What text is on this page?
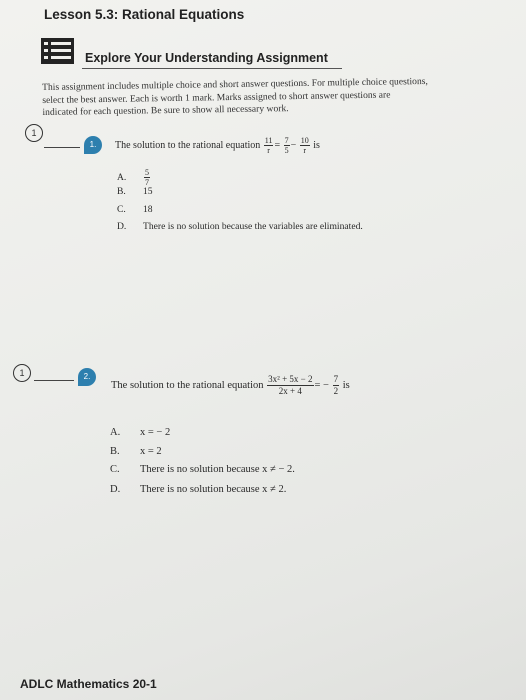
Lesson 5.3: Rational Equations
Explore Your Understanding Assignment
This assignment includes multiple choice and short answer questions. For multiple choice questions,
select the best answer. Each is worth 1 mark. Marks assigned to short answer questions are
indicated for each question. Be sure to show all necessary work.
1
1.	The solution to the rational equation $\frac{11}{r} = \frac{7}{5} - \frac{10}{r}$ is
A. $\frac{5}{7}$
B. 15
C. 18
D. There is no solution because the variables are eliminated.
1	2.
The solution to the rational equation $\frac{\text{3x² + 5x − 2}}{2x + 4}$ = − $\frac{7}{2}$ is
A. x = − 2
B. x = 2
C. There is no solution because x ≠ − 2.
D. There is no solution because x ≠ 2.
ADLC Mathematics 20-1
